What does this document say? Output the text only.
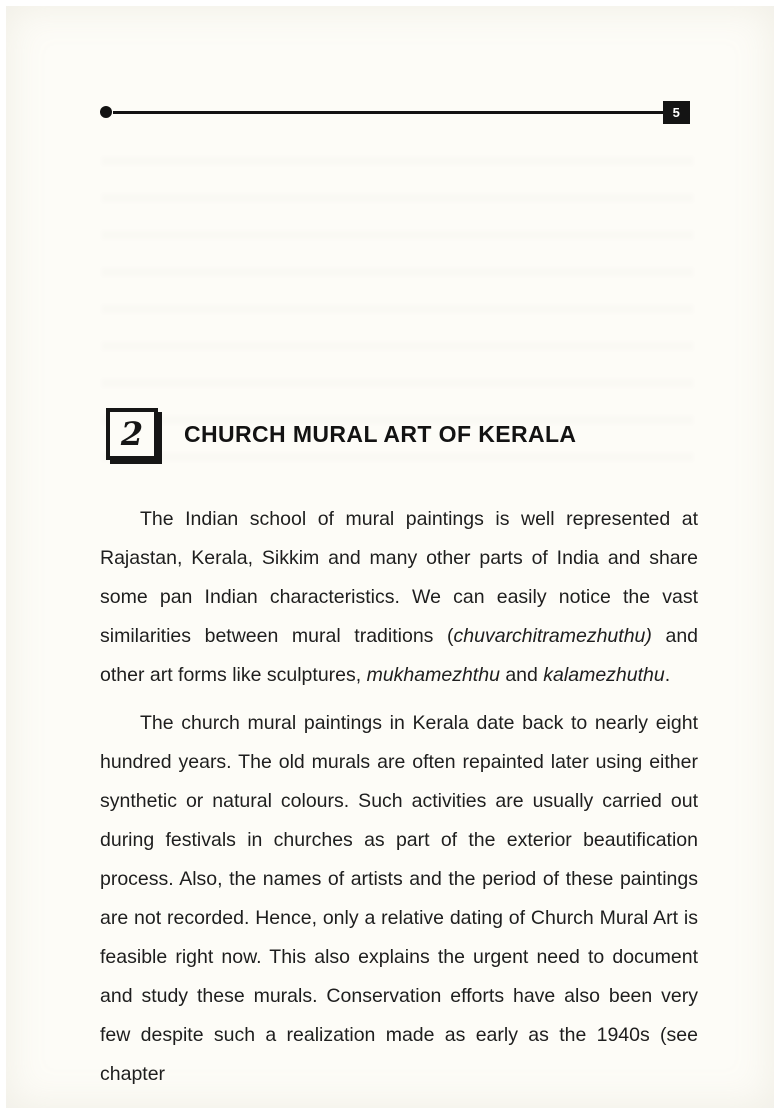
5
2 CHURCH MURAL ART OF KERALA

The Indian school of mural paintings is well represented at Rajastan, Kerala, Sikkim and many other parts of India and share some pan Indian characteristics. We can easily notice the vast similarities between mural traditions (chuvarchitramezhuthu) and other art forms like sculptures, mukhamezhthu and kalamezhuthu.

The church mural paintings in Kerala date back to nearly eight hundred years. The old murals are often repainted later using either synthetic or natural colours. Such activities are usually carried out during festivals in churches as part of the exterior beautification process. Also, the names of artists and the period of these paintings are not recorded. Hence, only a relative dating of Church Mural Art is feasible right now. This also explains the urgent need to document and study these murals. Conservation efforts have also been very few despite such a realization made as early as the 1940s (see chapter
